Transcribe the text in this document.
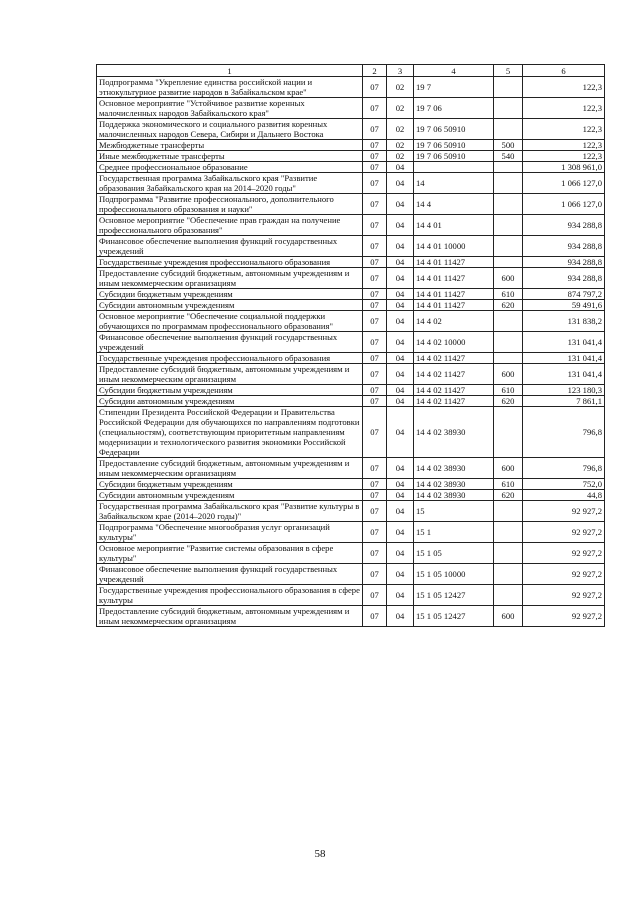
1	2	3	4	5	6
Подпрограмма "Укрепление единства российской нации и этнокультурное развитие народов в Забайкальском крае"	07	02	19 7		122,3
Основное мероприятие "Устойчивое развитие коренных малочисленных народов Забайкальского края"	07	02	19 7 06		122,3
Поддержка экономического и социального развития коренных малочисленных народов Севера, Сибири и Дальнего Востока	07	02	19 7 06 50910		122,3
Межбюджетные трансферты	07	02	19 7 06 50910	500	122,3
Иные межбюджетные трансферты	07	02	19 7 06 50910	540	122,3
Среднее профессиональное образование	07	04			1 308 961,0
Государственная программа Забайкальского края "Развитие образования Забайкальского края на 2014–2020 годы"	07	04	14		1 066 127,0
Подпрограмма "Развитие профессионального, дополнительного профессионального образования и науки"	07	04	14 4		1 066 127,0
Основное мероприятие "Обеспечение прав граждан на получение профессионального образования"	07	04	14 4 01		934 288,8
Финансовое обеспечение выполнения функций государственных учреждений	07	04	14 4 01 10000		934 288,8
Государственные учреждения профессионального образования	07	04	14 4 01 11427		934 288,8
Предоставление субсидий бюджетным, автономным учреждениям и иным некоммерческим организациям	07	04	14 4 01 11427	600	934 288,8
Субсидии бюджетным учреждениям	07	04	14 4 01 11427	610	874 797,2
Субсидии автономным учреждениям	07	04	14 4 01 11427	620	59 491,6
Основное мероприятие "Обеспечение социальной поддержки обучающихся по программам профессионального образования"	07	04	14 4 02		131 838,2
Финансовое обеспечение выполнения функций государственных учреждений	07	04	14 4 02 10000		131 041,4
Государственные учреждения профессионального образования	07	04	14 4 02 11427		131 041,4
Предоставление субсидий бюджетным, автономным учреждениям и иным некоммерческим организациям	07	04	14 4 02 11427	600	131 041,4
Субсидии бюджетным учреждениям	07	04	14 4 02 11427	610	123 180,3
Субсидии автономным учреждениям	07	04	14 4 02 11427	620	7 861,1
Стипендии Президента Российской Федерации и Правительства Российской Федерации для обучающихся по направлениям подготовки (специальностям), соответствующим приоритетным направлениям модернизации и технологического развития экономики Российской Федерации	07	04	14 4 02 38930		796,8
Предоставление субсидий бюджетным, автономным учреждениям и иным некоммерческим организациям	07	04	14 4 02 38930	600	796,8
Субсидии бюджетным учреждениям	07	04	14 4 02 38930	610	752,0
Субсидии автономным учреждениям	07	04	14 4 02 38930	620	44,8
Государственная программа Забайкальского края "Развитие культуры в Забайкальском крае (2014–2020 годы)"	07	04	15		92 927,2
Подпрограмма "Обеспечение многообразия услуг организаций культуры"	07	04	15 1		92 927,2
Основное мероприятие "Развитие системы образования в сфере культуры"	07	04	15 1 05		92 927,2
Финансовое обеспечение выполнения функций государственных учреждений	07	04	15 1 05 10000		92 927,2
Государственные учреждения профессионального образования в сфере культуры	07	04	15 1 05 12427		92 927,2
Предоставление субсидий бюджетным, автономным учреждениям и иным некоммерческим организациям	07	04	15 1 05 12427	600	92 927,2
58
